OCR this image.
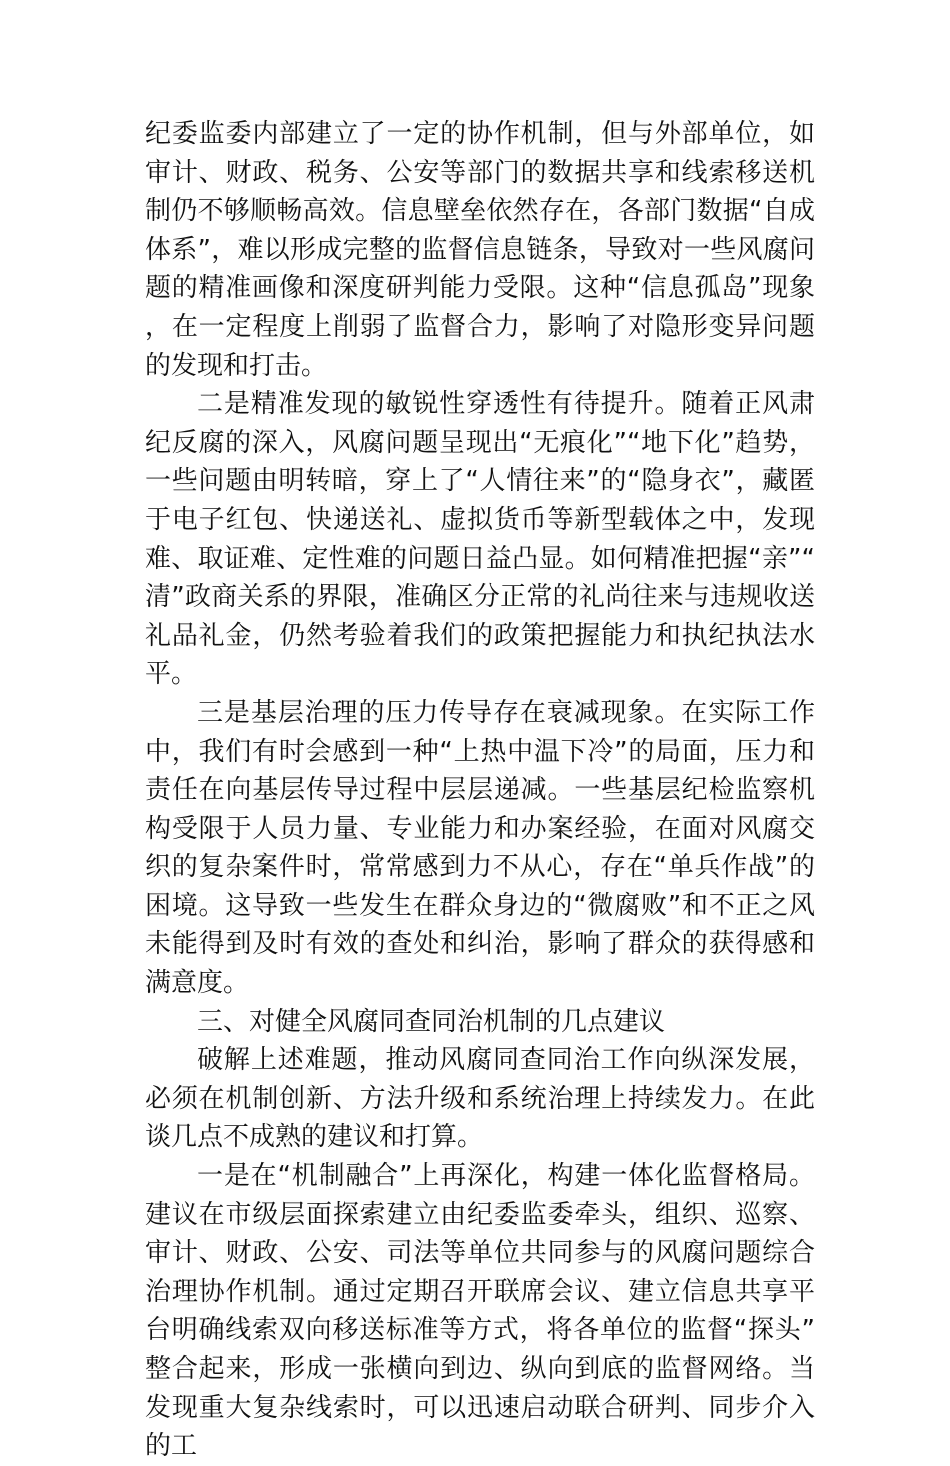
纪委监委内部建立了一定的协作机制，但与外部单位，如审计、财政、税务、公安等部门的数据共享和线索移送机制仍不够顺畅高效。信息壁垒依然存在，各部门数据“自成体系”，难以形成完整的监督信息链条，导致对一些风腐问题的精准画像和深度研判能力受限。这种“信息孤岛”现象，在一定程度上削弱了监督合力，影响了对隐形变异问题的发现和打击。

二是精准发现的敏锐性穿透性有待提升。随着正风肃纪反腐的深入，风腐问题呈现出“无痕化”“地下化”趋势，一些问题由明转暗，穿上了“人情往来”的“隐身衣”，藏匿于电子红包、快递送礼、虚拟货币等新型载体之中，发现难、取证难、定性难的问题日益凸显。如何精准把握“亲”“清”政商关系的界限，准确区分正常的礼尚往来与违规收送礼品礼金，仍然考验着我们的政策把握能力和执纪执法水平。

三是基层治理的压力传导存在衰减现象。在实际工作中，我们有时会感到一种“上热中温下冷”的局面，压力和责任在向基层传导过程中层层递减。一些基层纪检监察机构受限于人员力量、专业能力和办案经验，在面对风腐交织的复杂案件时，常常感到力不从心，存在“单兵作战”的困境。这导致一些发生在群众身边的“微腐败”和不正之风未能得到及时有效的查处和纠治，影响了群众的获得感和满意度。

三、对健全风腐同查同治机制的几点建议

破解上述难题，推动风腐同查同治工作向纵深发展，必须在机制创新、方法升级和系统治理上持续发力。在此谈几点不成熟的建议和打算。

一是在“机制融合”上再深化，构建一体化监督格局。建议在市级层面探索建立由纪委监委牵头，组织、巡察、审计、财政、公安、司法等单位共同参与的风腐问题综合治理协作机制。通过定期召开联席会议、建立信息共享平台明确线索双向移送标准等方式，将各单位的监督“探头”整合起来，形成一张横向到边、纵向到底的监督网络。当发现重大复杂线索时，可以迅速启动联合研判、同步介入的工
